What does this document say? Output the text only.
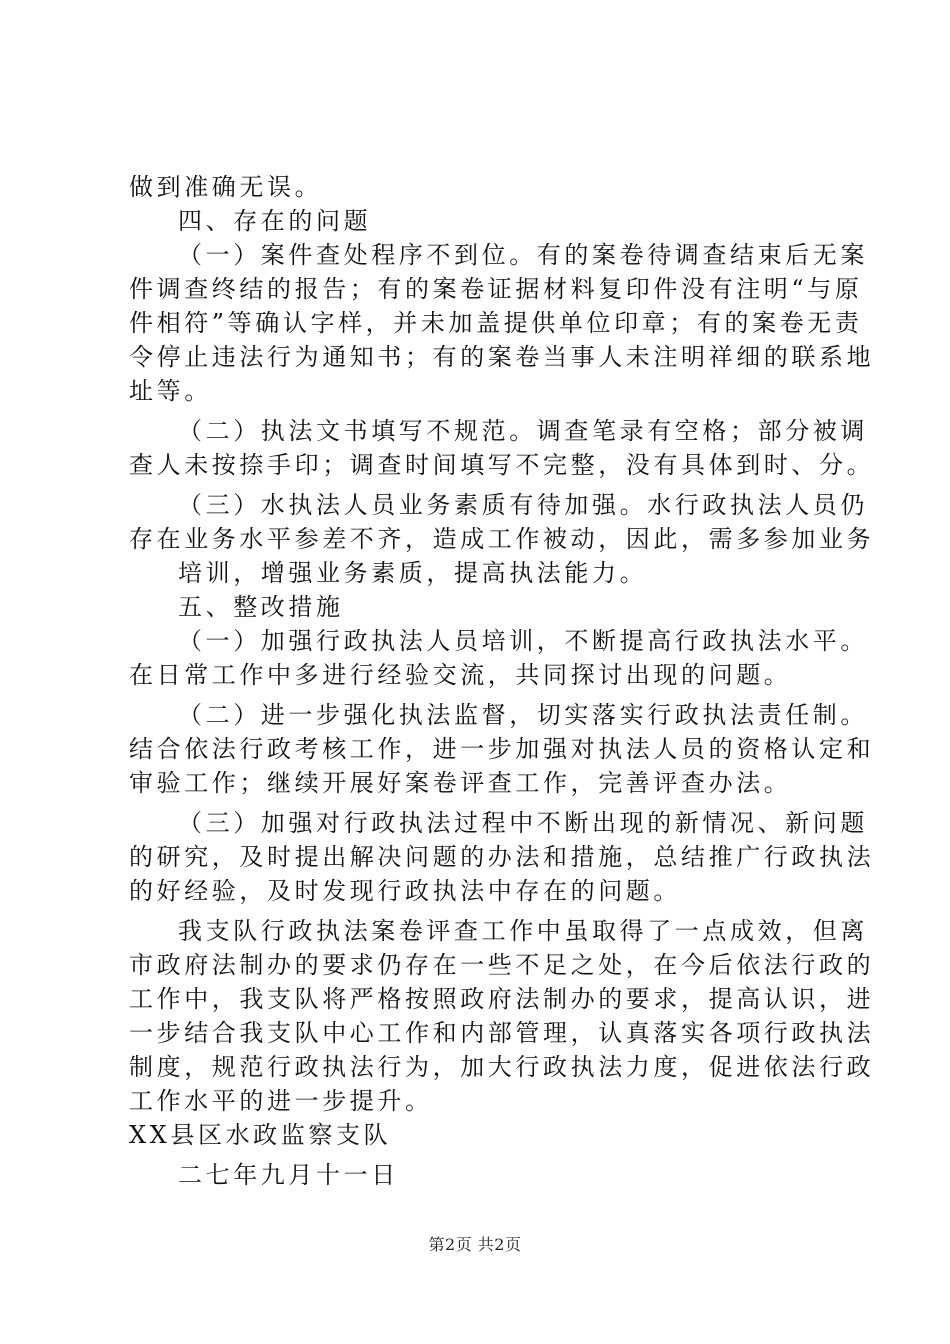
做到准确无误。
四、存在的问题
（一）案件查处程序不到位。有的案卷待调查结束后无案
件调查终结的报告；有的案卷证据材料复印件没有注明“与原
件相符”等确认字样，并未加盖提供单位印章；有的案卷无责
令停止违法行为通知书；有的案卷当事人未注明祥细的联系地
址等。
（二）执法文书填写不规范。调查笔录有空格；部分被调
查人未按捺手印；调查时间填写不完整，没有具体到时、分。
（三）水执法人员业务素质有待加强。水行政执法人员仍
存在业务水平参差不齐，造成工作被动，因此，需多参加业务
培训，增强业务素质，提高执法能力。
五、整改措施
（一）加强行政执法人员培训，不断提高行政执法水平。
在日常工作中多进行经验交流，共同探讨出现的问题。
（二）进一步强化执法监督，切实落实行政执法责任制。
结合依法行政考核工作，进一步加强对执法人员的资格认定和
审验工作；继续开展好案卷评查工作，完善评查办法。
（三）加强对行政执法过程中不断出现的新情况、新问题
的研究，及时提出解决问题的办法和措施，总结推广行政执法
的好经验，及时发现行政执法中存在的问题。
我支队行政执法案卷评查工作中虽取得了一点成效，但离
市政府法制办的要求仍存在一些不足之处，在今后依法行政的
工作中，我支队将严格按照政府法制办的要求，提高认识，进
一步结合我支队中心工作和内部管理，认真落实各项行政执法
制度，规范行政执法行为，加大行政执法力度，促进依法行政
工作水平的进一步提升。
XX县区水政监察支队
二七年九月十一日
第2页 共2页
